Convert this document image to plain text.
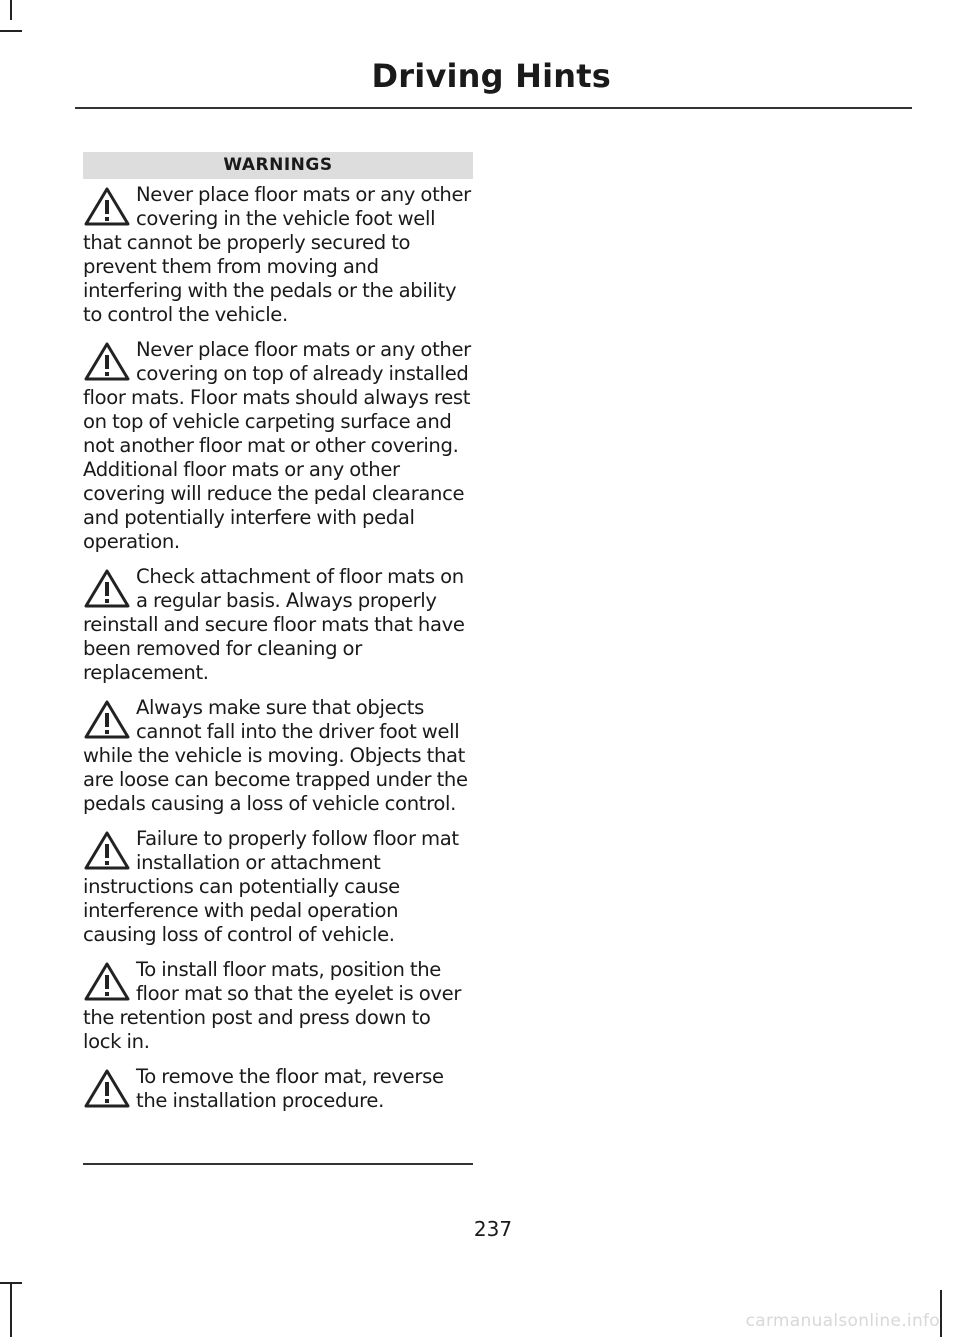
Driving Hints
WARNINGS
Never place floor mats or any other covering in the vehicle foot well that cannot be properly secured to prevent them from moving and interfering with the pedals or the ability to control the vehicle.
Never place floor mats or any other covering on top of already installed floor mats. Floor mats should always rest on top of vehicle carpeting surface and not another floor mat or other covering. Additional floor mats or any other covering will reduce the pedal clearance and potentially interfere with pedal operation.
Check attachment of floor mats on a regular basis. Always properly reinstall and secure floor mats that have been removed for cleaning or replacement.
Always make sure that objects cannot fall into the driver foot well while the vehicle is moving. Objects that are loose can become trapped under the pedals causing a loss of vehicle control.
Failure to properly follow floor mat installation or attachment instructions can potentially cause interference with pedal operation causing loss of control of vehicle.
To install floor mats, position the floor mat so that the eyelet is over the retention post and press down to lock in.
To remove the floor mat, reverse the installation procedure.
237
carmanualsonline.info
